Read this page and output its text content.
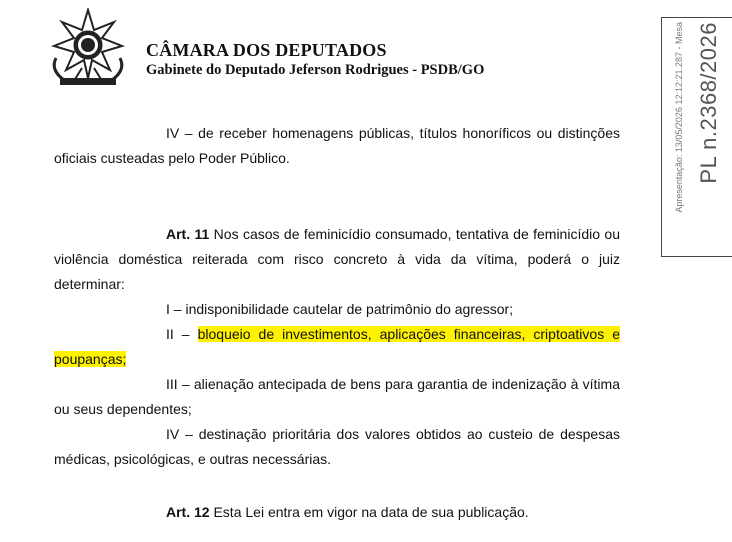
CÂMARA DOS DEPUTADOS
Gabinete do Deputado Jeferson Rodrigues - PSDB/GO	Apresentação: 13/05/2026 12:12:21.287 - Mesa PL n.2368/2026

IV – de receber homenagens públicas, títulos honoríficos ou distinções oficiais custeadas pelo Poder Público.

Art. 11 Nos casos de feminicídio consumado, tentativa de feminicídio ou violência doméstica reiterada com risco concreto à vida da vítima, poderá o juiz determinar:

I – indisponibilidade cautelar de patrimônio do agressor;

II – bloqueio de investimentos, aplicações financeiras, criptoativos e poupanças;

III – alienação antecipada de bens para garantia de indenização à vítima ou seus dependentes;

IV – destinação prioritária dos valores obtidos ao custeio de despesas médicas, psicológicas, e outras necessárias.

Art. 12 Esta Lei entra em vigor na data de sua publicação.
